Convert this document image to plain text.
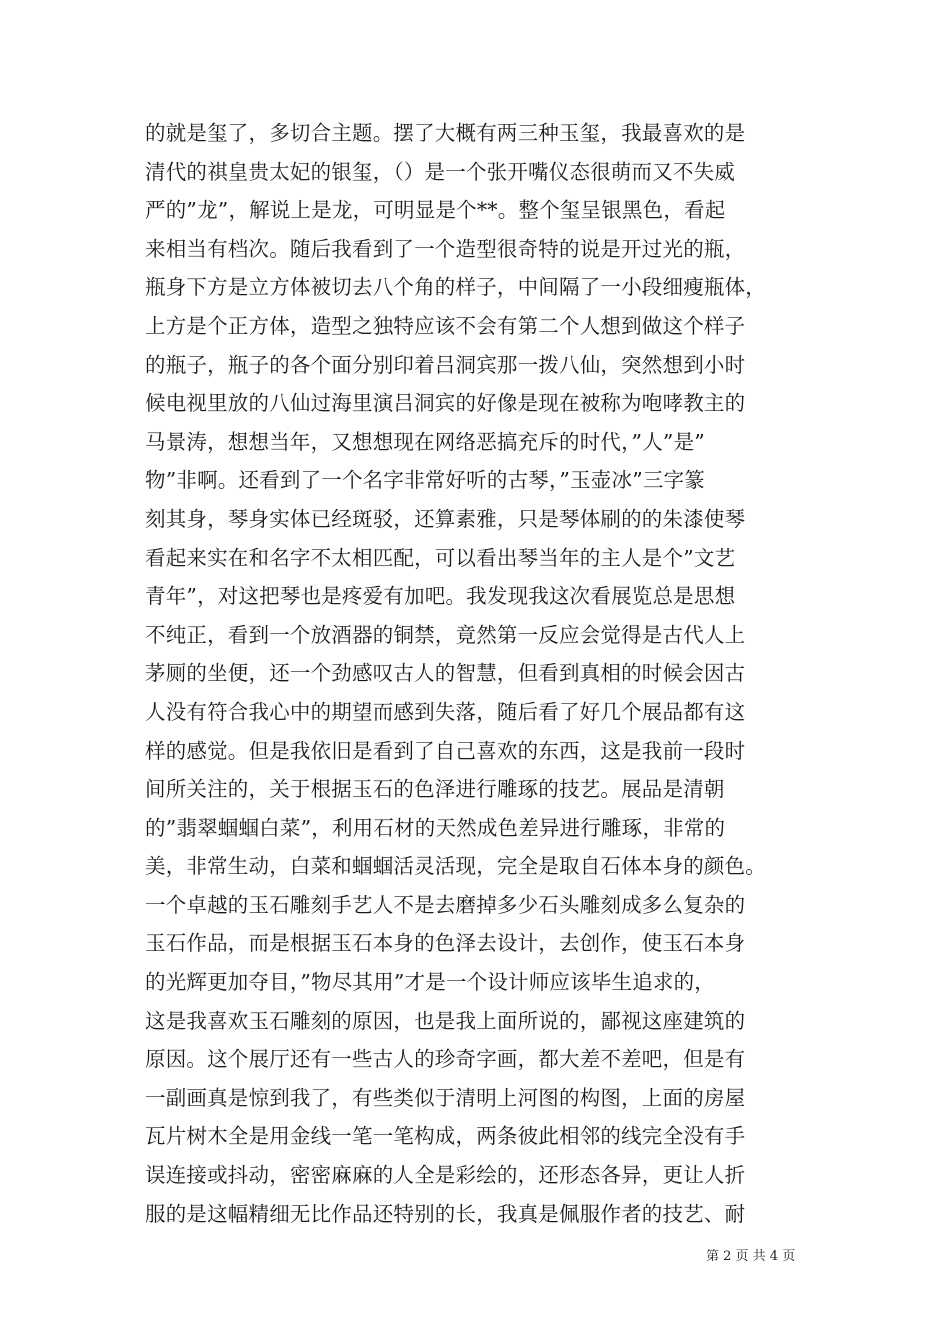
的就是玺了，多切合主题。摆了大概有两三种玉玺，我最喜欢的是
清代的祺皇贵太妃的银玺，（）是一个张开嘴仪态很萌而又不失威
严的”龙”，解说上是龙，可明显是个**。整个玺呈银黑色，看起
来相当有档次。随后我看到了一个造型很奇特的说是开过光的瓶，
瓶身下方是立方体被切去八个角的样子，中间隔了一小段细瘦瓶体，
上方是个正方体，造型之独特应该不会有第二个人想到做这个样子
的瓶子，瓶子的各个面分别印着吕洞宾那一拨八仙，突然想到小时
候电视里放的八仙过海里演吕洞宾的好像是现在被称为咆哮教主的
马景涛，想想当年，又想想现在网络恶搞充斥的时代，”人”是”
物”非啊。还看到了一个名字非常好听的古琴，”玉壶冰”三字篆
刻其身，琴身实体已经斑驳，还算素雅，只是琴体刷的的朱漆使琴
看起来实在和名字不太相匹配，可以看出琴当年的主人是个”文艺
青年”，对这把琴也是疼爱有加吧。我发现我这次看展览总是思想
不纯正，看到一个放酒器的铜禁，竟然第一反应会觉得是古代人上
茅厕的坐便，还一个劲感叹古人的智慧，但看到真相的时候会因古
人没有符合我心中的期望而感到失落，随后看了好几个展品都有这
样的感觉。但是我依旧是看到了自己喜欢的东西，这是我前一段时
间所关注的，关于根据玉石的色泽进行雕琢的技艺。展品是清朝
的”翡翠蝈蝈白菜”，利用石材的天然成色差异进行雕琢，非常的
美，非常生动，白菜和蝈蝈活灵活现，完全是取自石体本身的颜色。
一个卓越的玉石雕刻手艺人不是去磨掉多少石头雕刻成多么复杂的
玉石作品，而是根据玉石本身的色泽去设计，去创作，使玉石本身
的光辉更加夺目，”物尽其用”才是一个设计师应该毕生追求的，
这是我喜欢玉石雕刻的原因，也是我上面所说的，鄙视这座建筑的
原因。这个展厅还有一些古人的珍奇字画，都大差不差吧，但是有
一副画真是惊到我了，有些类似于清明上河图的构图，上面的房屋
瓦片树木全是用金线一笔一笔构成，两条彼此相邻的线完全没有手
误连接或抖动，密密麻麻的人全是彩绘的，还形态各异，更让人折
服的是这幅精细无比作品还特别的长，我真是佩服作者的技艺、耐
第 2 页 共 4 页
